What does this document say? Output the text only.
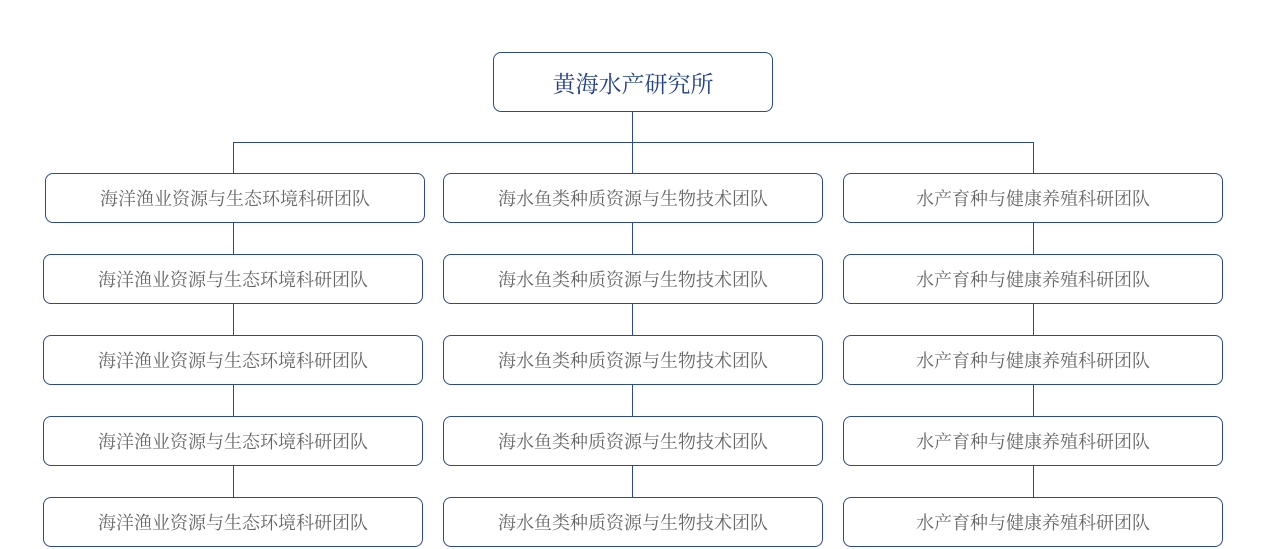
黄海水产研究所
海洋渔业资源与生态环境科研团队
海洋渔业资源与生态环境科研团队
海洋渔业资源与生态环境科研团队
海洋渔业资源与生态环境科研团队
海洋渔业资源与生态环境科研团队
海水鱼类种质资源与生物技术团队
海水鱼类种质资源与生物技术团队
海水鱼类种质资源与生物技术团队
海水鱼类种质资源与生物技术团队
海水鱼类种质资源与生物技术团队
水产育种与健康养殖科研团队
水产育种与健康养殖科研团队
水产育种与健康养殖科研团队
水产育种与健康养殖科研团队
水产育种与健康养殖科研团队
